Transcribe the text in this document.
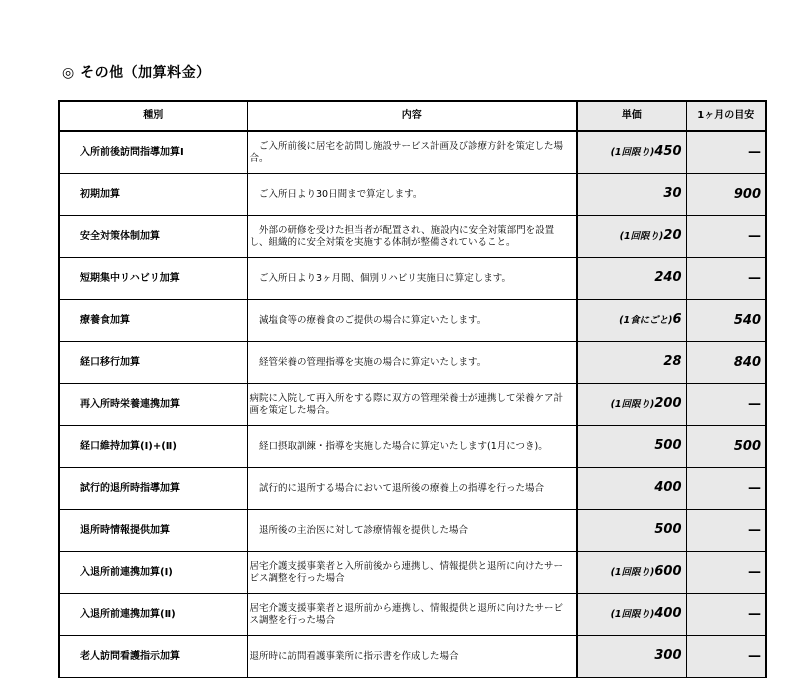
◎ その他（加算料金）
種別	内容	単価	1ヶ月の目安
入所前後訪問指導加算Ⅰ	　ご入所前後に居宅を訪問し施設サービス計画及び診療方針を策定した場合。	(1回限り)450	—
初期加算	　ご入所日より30日間まで算定します。	30	900
安全対策体制加算	　外部の研修を受けた担当者が配置され、施設内に安全対策部門を設置し、組織的に安全対策を実施する体制が整備されていること。	(1回限り)20	—
短期集中リハビリ加算	　ご入所日より3ヶ月間、個別リハビリ実施日に算定します。	240	—
療養食加算	　減塩食等の療養食のご提供の場合に算定いたします。	(1食にごと)6	540
経口移行加算	　経管栄養の管理指導を実施の場合に算定いたします。	28	840
再入所時栄養連携加算	病院に入院して再入所をする際に双方の管理栄養士が連携して栄養ケア計画を策定した場合。	(1回限り)200	—
経口維持加算(Ⅰ)+(Ⅱ)	　経口摂取訓練・指導を実施した場合に算定いたします(1月につき)。	500	500
試行的退所時指導加算	　試行的に退所する場合において退所後の療養上の指導を行った場合	400	—
退所時情報提供加算	　退所後の主治医に対して診療情報を提供した場合	500	—
入退所前連携加算(Ⅰ)	居宅介護支援事業者と入所前後から連携し、情報提供と退所に向けたサービス調整を行った場合	(1回限り)600	—
入退所前連携加算(Ⅱ)	居宅介護支援事業者と退所前から連携し、情報提供と退所に向けたサービス調整を行った場合	(1回限り)400	—
老人訪問看護指示加算	退所時に訪問看護事業所に指示書を作成した場合	300	—
